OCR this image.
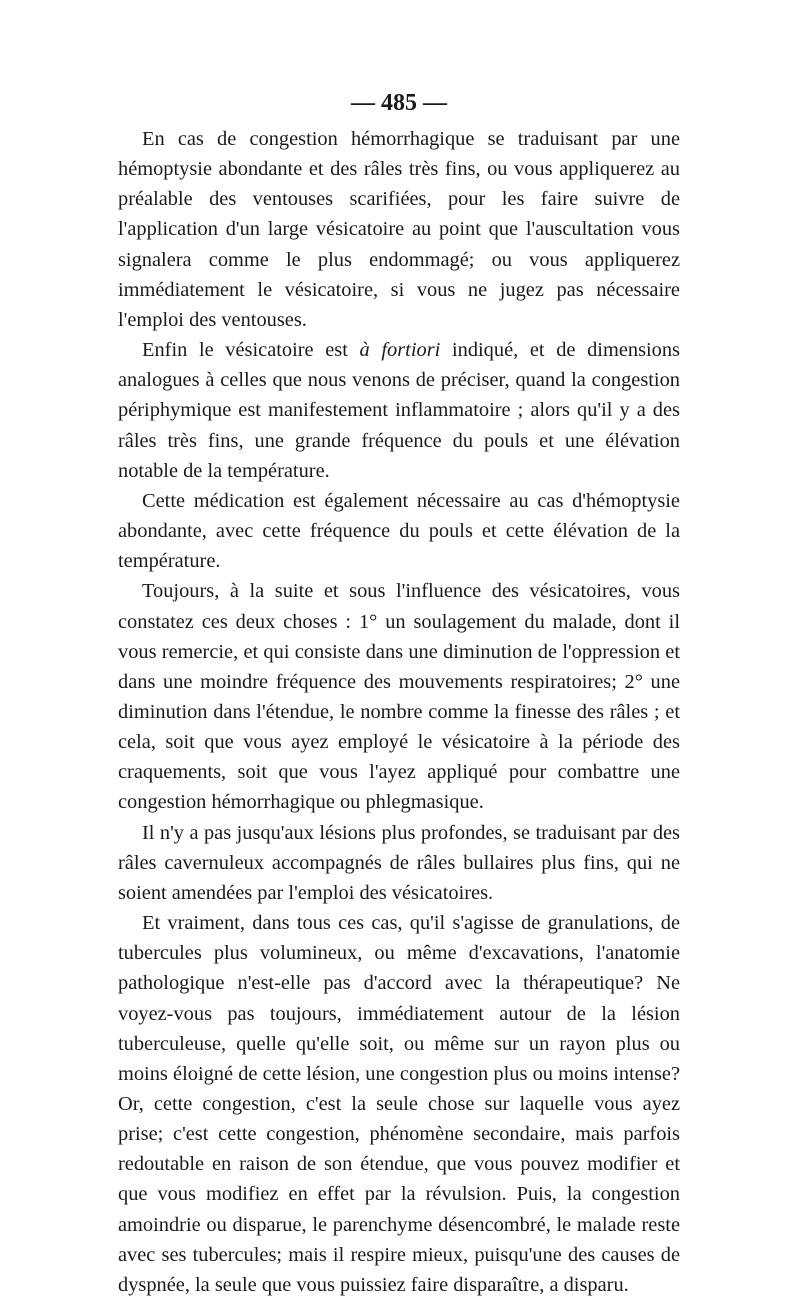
— 485 —

En cas de congestion hémorrhagique se traduisant par une hémoptysie abondante et des râles très fins, ou vous appliquerez au préalable des ventouses scarifiées, pour les faire suivre de l'application d'un large vésicatoire au point que l'auscultation vous signalera comme le plus endommagé; ou vous appliquerez immédiatement le vésicatoire, si vous ne jugez pas nécessaire l'emploi des ventouses.

Enfin le vésicatoire est à fortiori indiqué, et de dimensions analogues à celles que nous venons de préciser, quand la congestion périphymique est manifestement inflammatoire ; alors qu'il y a des râles très fins, une grande fréquence du pouls et une élévation notable de la température.

Cette médication est également nécessaire au cas d'hémoptysie abondante, avec cette fréquence du pouls et cette élévation de la température.

Toujours, à la suite et sous l'influence des vésicatoires, vous constatez ces deux choses : 1° un soulagement du malade, dont il vous remercie, et qui consiste dans une diminution de l'oppression et dans une moindre fréquence des mouvements respiratoires; 2° une diminution dans l'étendue, le nombre comme la finesse des râles ; et cela, soit que vous ayez employé le vésicatoire à la période des craquements, soit que vous l'ayez appliqué pour combattre une congestion hémorrhagique ou phlegmasique.

Il n'y a pas jusqu'aux lésions plus profondes, se traduisant par des râles cavernuleux accompagnés de râles bullaires plus fins, qui ne soient amendées par l'emploi des vésicatoires.

Et vraiment, dans tous ces cas, qu'il s'agisse de granulations, de tubercules plus volumineux, ou même d'excavations, l'anatomie pathologique n'est-elle pas d'accord avec la thérapeutique? Ne voyez-vous pas toujours, immédiatement autour de la lésion tuberculeuse, quelle qu'elle soit, ou même sur un rayon plus ou moins éloigné de cette lésion, une congestion plus ou moins intense? Or, cette congestion, c'est la seule chose sur laquelle vous ayez prise; c'est cette congestion, phénomène secondaire, mais parfois redoutable en raison de son étendue, que vous pouvez modifier et que vous modifiez en effet par la révulsion. Puis, la congestion amoindrie ou disparue, le parenchyme désencombré, le malade reste avec ses tubercules; mais il respire mieux, puisqu'une des causes de dyspnée, la seule que vous puissiez faire disparaître, a disparu.
